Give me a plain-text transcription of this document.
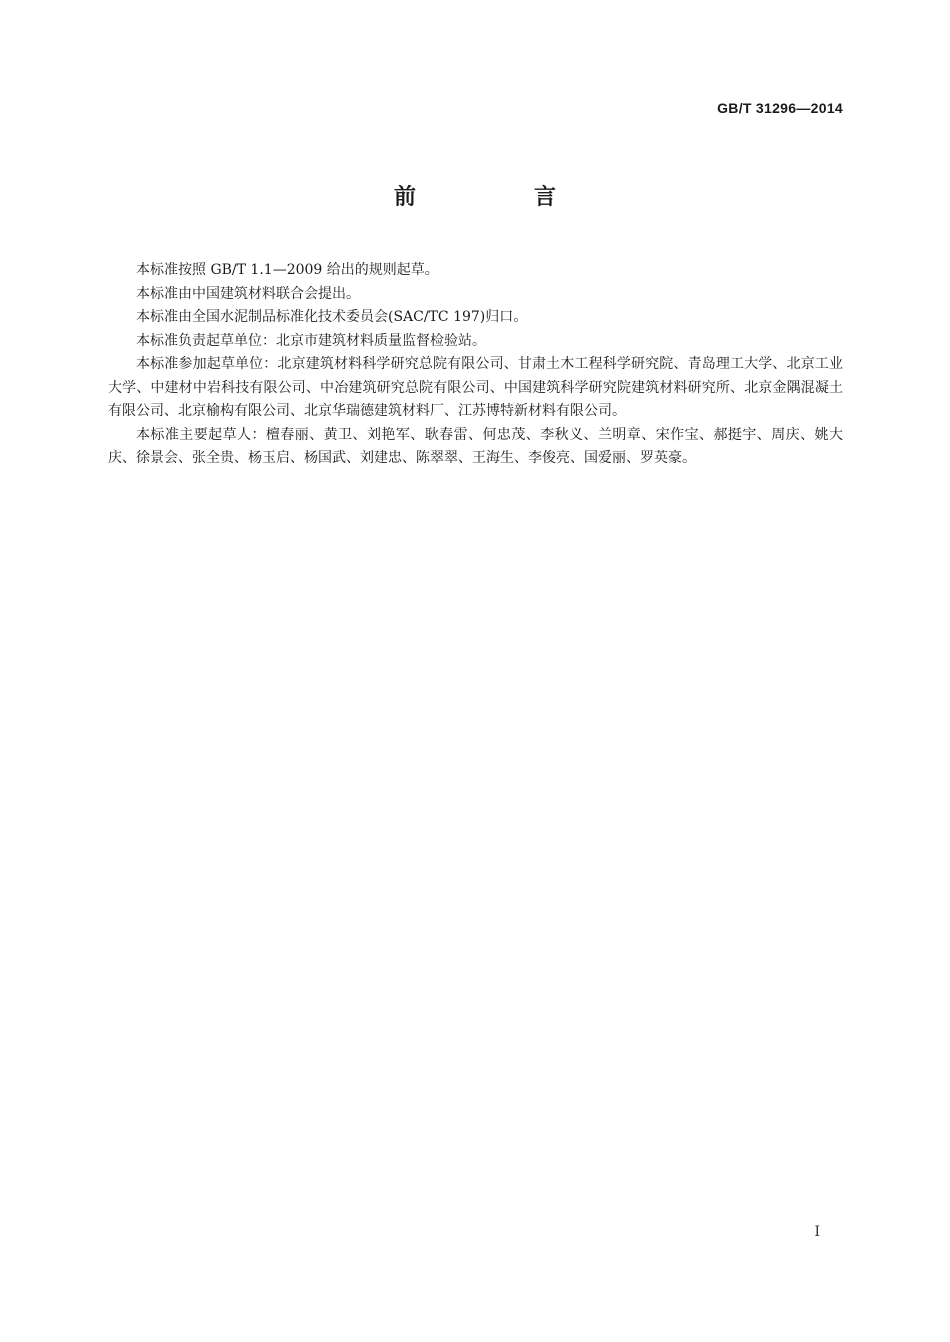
GB/T 31296—2014
前　言

本标准按照 GB/T 1.1—2009 给出的规则起草。

本标准由中国建筑材料联合会提出。

本标准由全国水泥制品标准化技术委员会(SAC/TC 197)归口。

本标准负责起草单位：北京市建筑材料质量监督检验站。

本标准参加起草单位：北京建筑材料科学研究总院有限公司、甘肃土木工程科学研究院、青岛理工大学、北京工业大学、中建材中岩科技有限公司、中冶建筑研究总院有限公司、中国建筑科学研究院建筑材料研究所、北京金隅混凝土有限公司、北京榆构有限公司、北京华瑞德建筑材料厂、江苏博特新材料有限公司。

本标准主要起草人：檀春丽、黄卫、刘艳军、耿春雷、何忠茂、李秋义、兰明章、宋作宝、郝挺宇、周庆、姚大庆、徐景会、张全贵、杨玉启、杨国武、刘建忠、陈翠翠、王海生、李俊亮、国爱丽、罗英豪。

I
